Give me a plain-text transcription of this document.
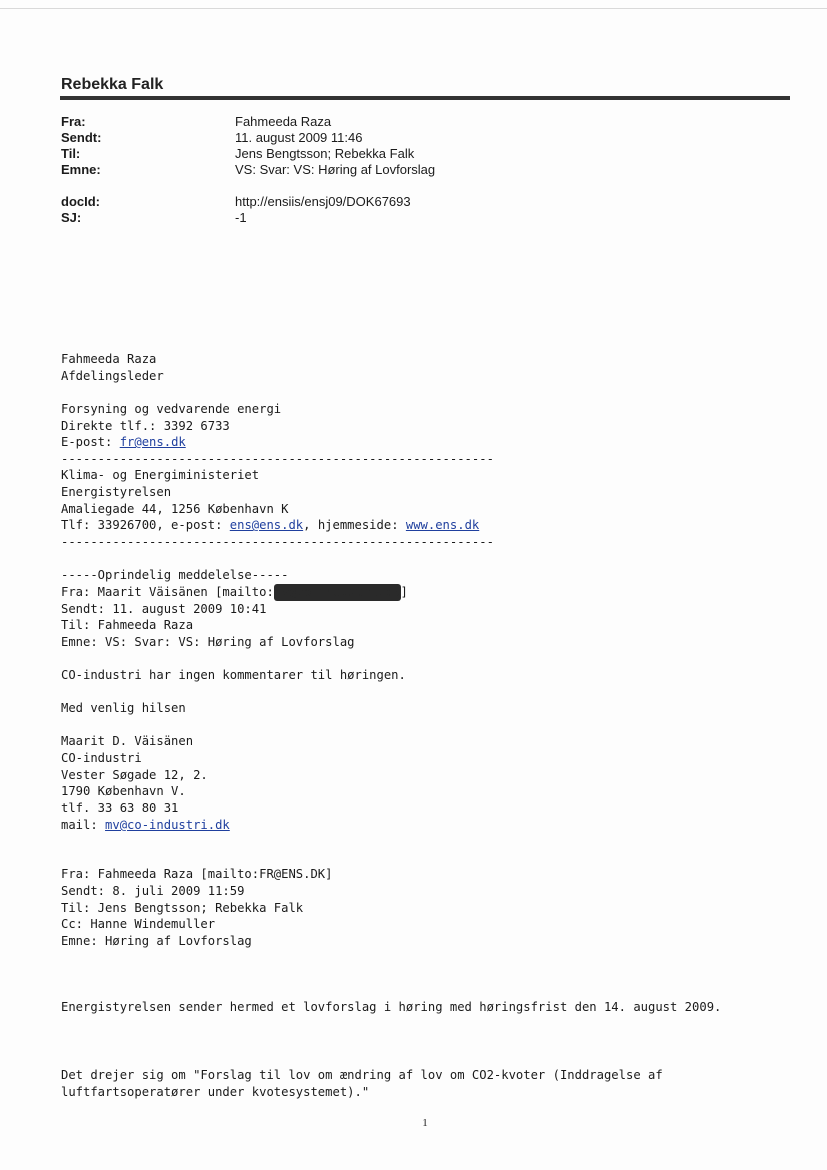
Rebekka Falk
Fra:	Fahmeeda Raza
Sendt:	11. august 2009 11:46
Til:	Jens Bengtsson; Rebekka Falk
Emne:	VS: Svar: VS: Høring af Lovforslag
docId:	http://ensiis/ensj09/DOK67693
SJ:	-1
Fahmeeda Raza
Afdelingsleder
Forsyning og vedvarende energi
Direkte tlf.: 3392 6733
E-post: fr@ens.dk
-----------------------------------------------------------
Klima- og Energiministeriet
Energistyrelsen
Amaliegade 44, 1256 København K
Tlf: 33926700, e-post: ens@ens.dk, hjemmeside: www.ens.dk
-----------------------------------------------------------
-----Oprindelig meddelelse-----
Fra: Maarit Väisänen [mailto:mv@co-industri.dk]
Sendt: 11. august 2009 10:41
Til: Fahmeeda Raza
Emne: VS: Svar: VS: Høring af Lovforslag
CO-industri har ingen kommentarer til høringen.
Med venlig hilsen
Maarit D. Väisänen
CO-industri
Vester Søgade 12, 2.
1790 København V.
tlf. 33 63 80 31
mail: mv@co-industri.dk
Fra: Fahmeeda Raza [mailto:FR@ENS.DK]
Sendt: 8. juli 2009 11:59
Til: Jens Bengtsson; Rebekka Falk
Cc: Hanne Windemuller
Emne: Høring af Lovforslag
Energistyrelsen sender hermed et lovforslag i høring med høringsfrist den 14. august 2009.
Det drejer sig om "Forslag til lov om ændring af lov om CO2-kvoter (Inddragelse af
luftfartsoperatører under kvotesystemet)."
1
